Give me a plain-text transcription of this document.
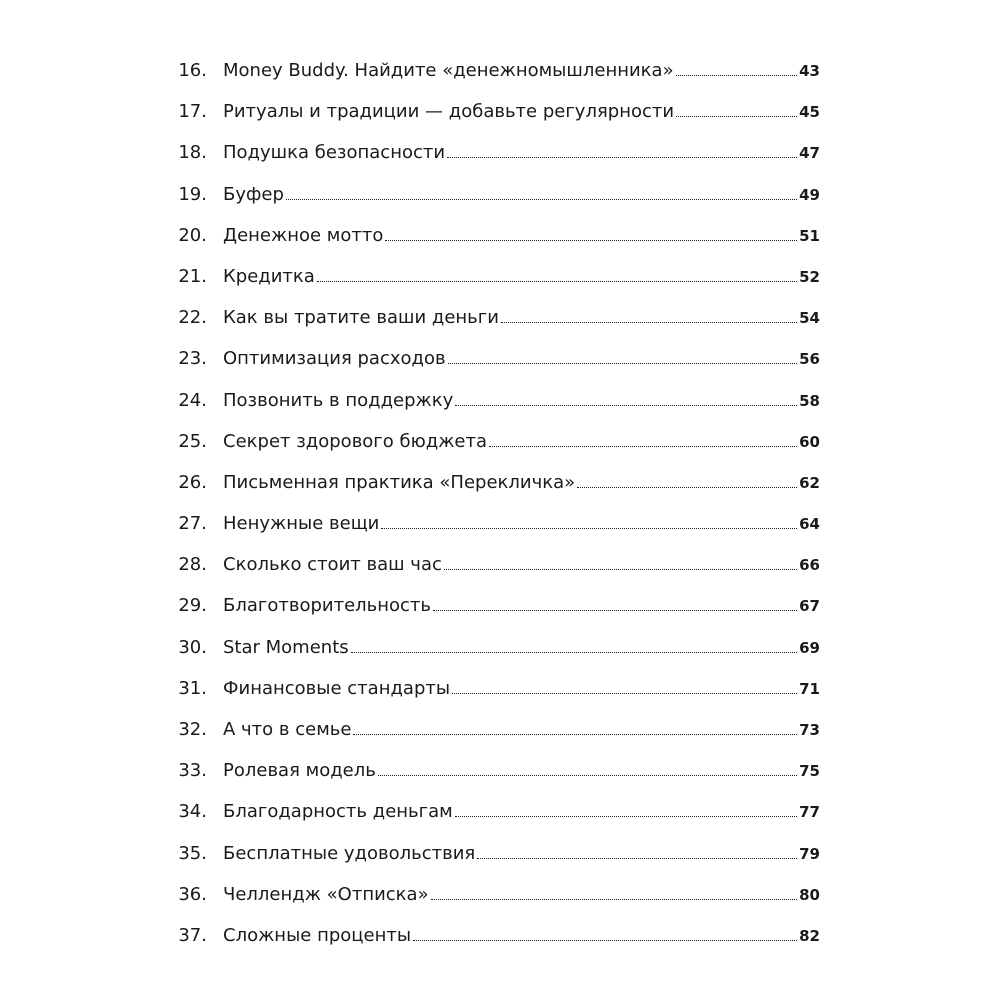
16. Money Buddy. Найдите «денежномышленника»	43
17. Ритуалы и традиции — добавьте регулярности	45
18. Подушка безопасности	47
19. Буфер	49
20. Денежное мотто	51
21. Кредитка	52
22. Как вы тратите ваши деньги	54
23. Оптимизация расходов	56
24. Позвонить в поддержку	58
25. Секрет здорового бюджета	60
26. Письменная практика «Перекличка»	62
27. Ненужные вещи	64
28. Сколько стоит ваш час	66
29. Благотворительность	67
30. Star Moments	69
31. Финансовые стандарты	71
32. А что в семье	73
33. Ролевая модель	75
34. Благодарность деньгам	77
35. Бесплатные удовольствия	79
36. Челлендж «Отписка»	80
37. Сложные проценты	82
